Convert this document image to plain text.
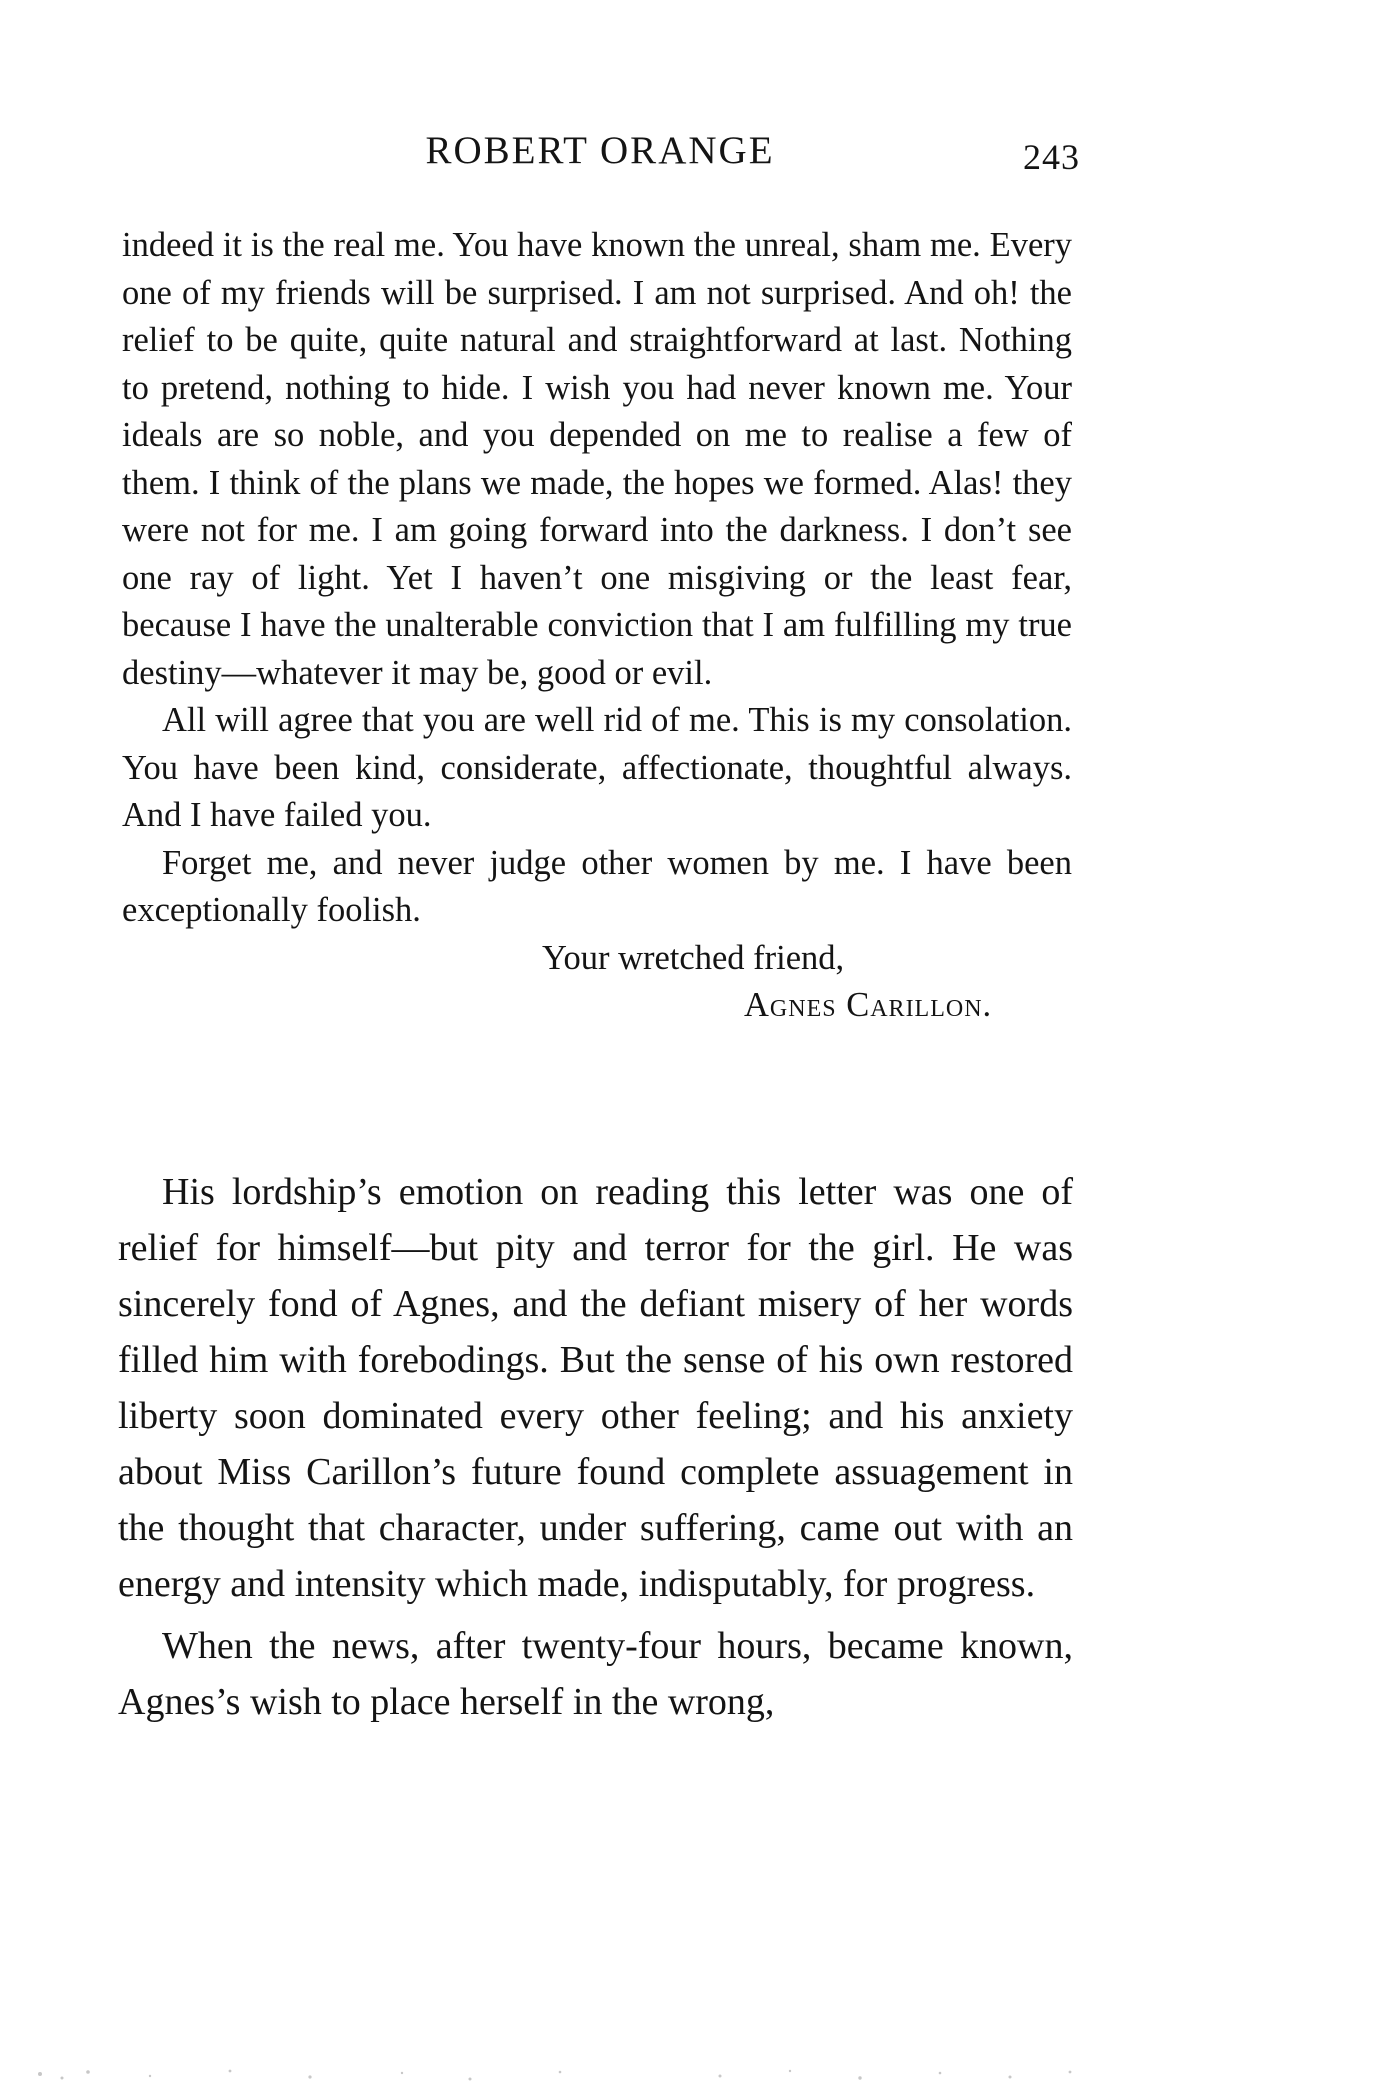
ROBERT ORANGE	243

indeed it is the real me. You have known the unreal, sham me. Every one of my friends will be surprised. I am not surprised. And oh! the relief to be quite, quite natural and straightforward at last. Nothing to pretend, nothing to hide. I wish you had never known me. Your ideals are so noble, and you depended on me to realise a few of them. I think of the plans we made, the hopes we formed. Alas! they were not for me. I am going forward into the darkness. I don’t see one ray of light. Yet I haven’t one misgiving or the least fear, because I have the unalterable conviction that I am fulfilling my true destiny—whatever it may be, good or evil.

All will agree that you are well rid of me. This is my consolation. You have been kind, considerate, affectionate, thoughtful always. And I have failed you.

Forget me, and never judge other women by me. I have been exceptionally foolish.

Your wretched friend,
Agnes Carillon.

His lordship’s emotion on reading this letter was one of relief for himself—but pity and terror for the girl. He was sincerely fond of Agnes, and the defiant misery of her words filled him with forebodings. But the sense of his own restored liberty soon dominated every other feeling; and his anxiety about Miss Carillon’s future found complete assuagement in the thought that character, under suffering, came out with an energy and intensity which made, indisputably, for progress.

When the news, after twenty-four hours, became known, Agnes’s wish to place herself in the wrong,
